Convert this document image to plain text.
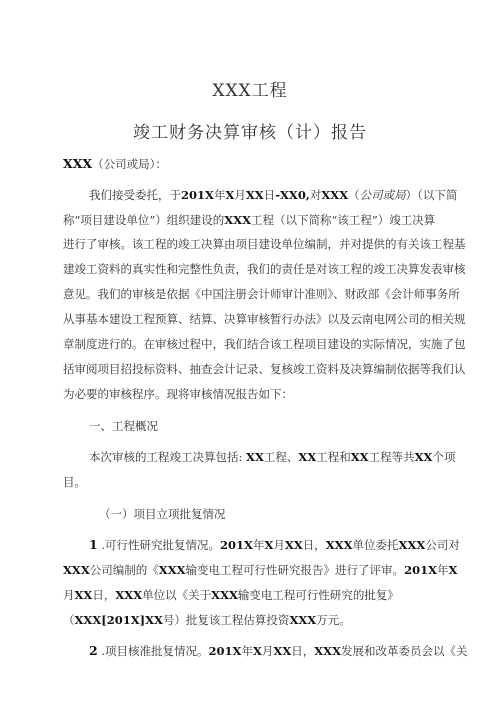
XXX工程
竣工财务决算审核（计）报告
XXX（公司或局）：
我们接受委托，于201X年X月XX日-XX0,对XXX（公司或局）（以下简
称“项目建设单位”）组织建设的XXX工程（以下简称“该工程”）竣工决算
进行了审核。该工程的竣工决算由项目建设单位编制，并对提供的有关该工程基
建竣工资料的真实性和完整性负责，我们的责任是对该工程的竣工决算发表审核
意见。我们的审核是依据《中国注册会计师审计准则》、财政部《会计师事务所
从事基本建设工程预算、结算、决算审核暂行办法》以及云南电网公司的相关规
章制度进行的。在审核过程中，我们结合该工程项目建设的实际情况，实施了包
括审阅项目招投标资料、抽查会计记录、复核竣工资料及决算编制依据等我们认
为必要的审核程序。现将审核情况报告如下：
一、工程概况
本次审核的工程竣工决算包括: XX工程、XX工程和XX工程等共XX个项
目。
（一）项目立项批复情况
1 .可行性研究批复情况。201X年X月XX日，XXX单位委托XXX公司对
XXX公司编制的《XXX输变电工程可行性研究报告》进行了评审。201X年X
月XX日，XXX单位以《关于XXX输变电工程可行性研究的批复》
（XXX[201X]XX号）批复该工程估算投资XXX万元。
2 .项目核准批复情况。201X年X月XX日，XXX发展和改革委员会以《关
